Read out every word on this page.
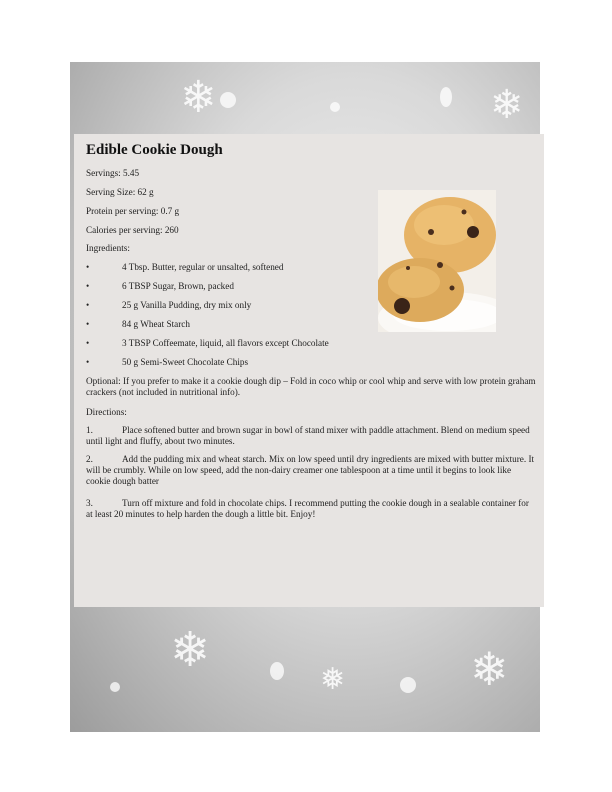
❄	❄
❄	❄
❅
Edible Cookie Dough
Servings: 5.45
Serving Size: 62 g
Protein per serving: 0.7 g
Calories per serving: 260
Ingredients:
•	4 Tbsp. Butter, regular or unsalted, softened
•	6 TBSP Sugar, Brown, packed
•	25 g Vanilla Pudding, dry mix only
•	84 g Wheat Starch
•	3 TBSP Coffeemate, liquid, all flavors except Chocolate
•	50 g Semi-Sweet Chocolate Chips
Optional: If you prefer to make it a cookie dough dip – Fold in coco whip or cool whip and serve with low protein graham crackers (not included in nutritional info).
Directions:
1.	Place softened butter and brown sugar in bowl of stand mixer with paddle attachment. Blend on medium speed until light and fluffy, about two minutes.
2.	Add the pudding mix and wheat starch. Mix on low speed until dry ingredients are mixed with butter mixture. It will be crumbly. While on low speed, add the non-dairy creamer one tablespoon at a time until it begins to look like cookie dough batter
3.	Turn off mixture and fold in chocolate chips. I recommend putting the cookie dough in a sealable container for at least 20 minutes to help harden the dough a little bit. Enjoy!
